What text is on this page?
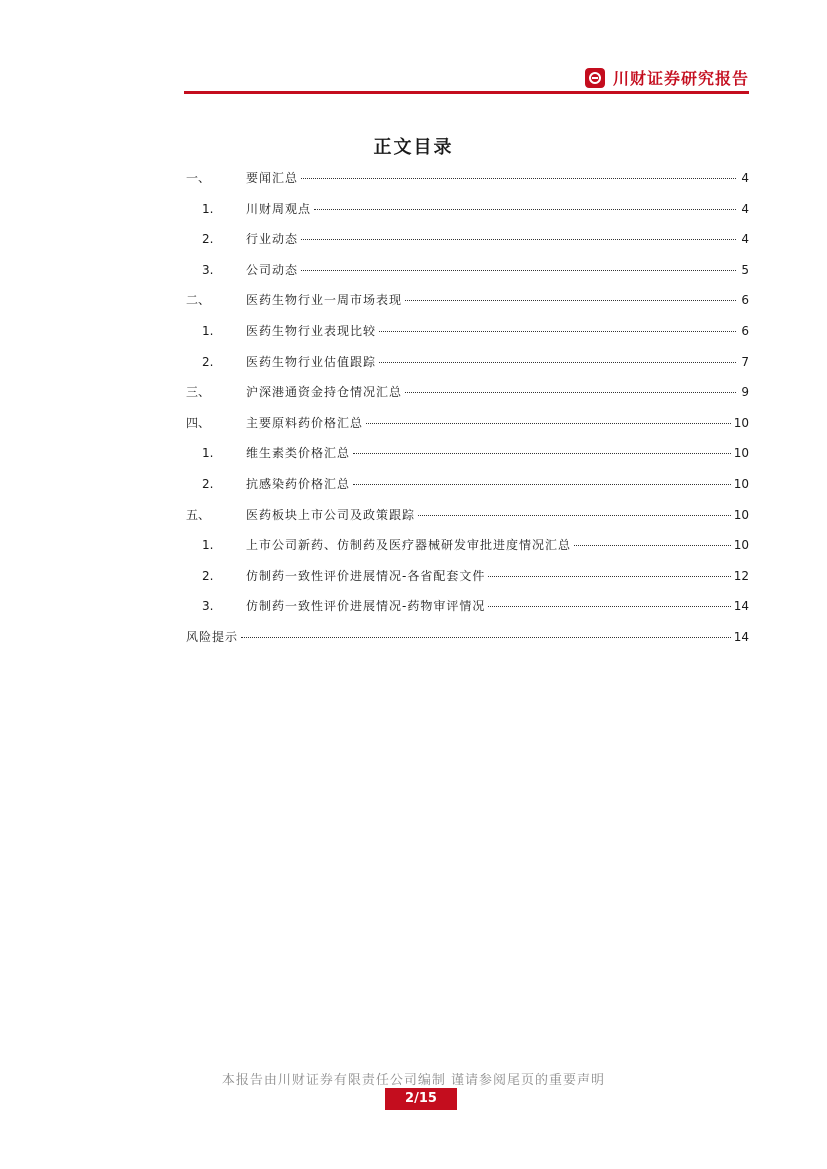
川财证券研究报告
正文目录
一、	要闻汇总	4
1.	川财周观点	4
2.	行业动态	4
3.	公司动态	5
二、	医药生物行业一周市场表现	6
1.	医药生物行业表现比较	6
2.	医药生物行业估值跟踪	7
三、	沪深港通资金持仓情况汇总	9
四、	主要原料药价格汇总	10
1.	维生素类价格汇总	10
2.	抗感染药价格汇总	10
五、	医药板块上市公司及政策跟踪	10
1.	上市公司新药、仿制药及医疗器械研发审批进度情况汇总	10
2.	仿制药一致性评价进展情况-各省配套文件	12
3.	仿制药一致性评价进展情况-药物审评情况	14
风险提示	14
本报告由川财证券有限责任公司编制 谨请参阅尾页的重要声明
2/15
